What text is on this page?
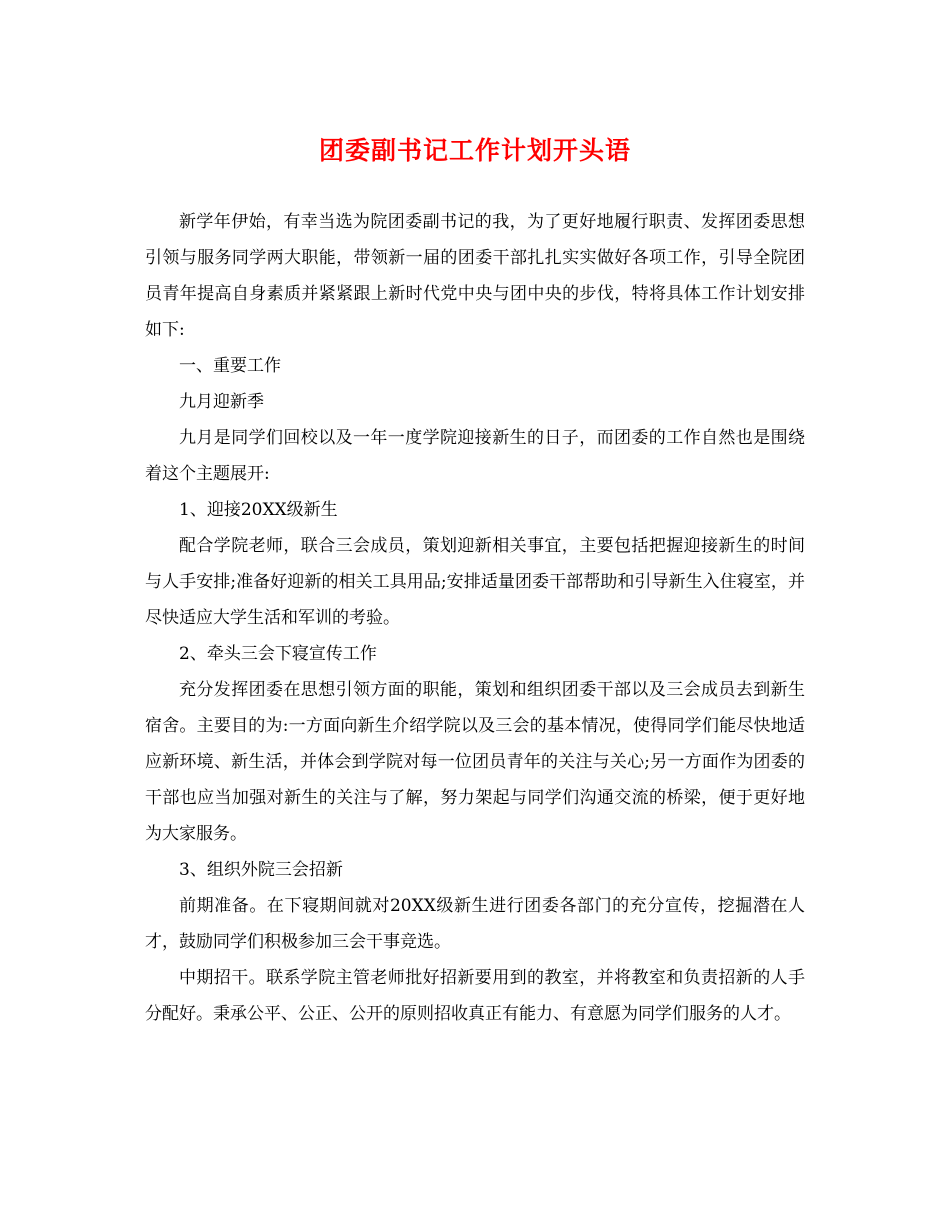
团委副书记工作计划开头语

新学年伊始，有幸当选为院团委副书记的我，为了更好地履行职责、发挥团委思想引领与服务同学两大职能，带领新一届的团委干部扎扎实实做好各项工作，引导全院团员青年提高自身素质并紧紧跟上新时代党中央与团中央的步伐，特将具体工作计划安排如下:

一、重要工作

九月迎新季

九月是同学们回校以及一年一度学院迎接新生的日子，而团委的工作自然也是围绕着这个主题展开:

1、迎接20XX级新生

配合学院老师，联合三会成员，策划迎新相关事宜，主要包括把握迎接新生的时间与人手安排;准备好迎新的相关工具用品;安排适量团委干部帮助和引导新生入住寝室，并尽快适应大学生活和军训的考验。

2、牵头三会下寝宣传工作

充分发挥团委在思想引领方面的职能，策划和组织团委干部以及三会成员去到新生宿舍。主要目的为:一方面向新生介绍学院以及三会的基本情况，使得同学们能尽快地适应新环境、新生活，并体会到学院对每一位团员青年的关注与关心;另一方面作为团委的干部也应当加强对新生的关注与了解，努力架起与同学们沟通交流的桥梁，便于更好地为大家服务。

3、组织外院三会招新

前期准备。在下寝期间就对20XX级新生进行团委各部门的充分宣传，挖掘潜在人才，鼓励同学们积极参加三会干事竞选。

中期招干。联系学院主管老师批好招新要用到的教室，并将教室和负责招新的人手分配好。秉承公平、公正、公开的原则招收真正有能力、有意愿为同学们服务的人才。
